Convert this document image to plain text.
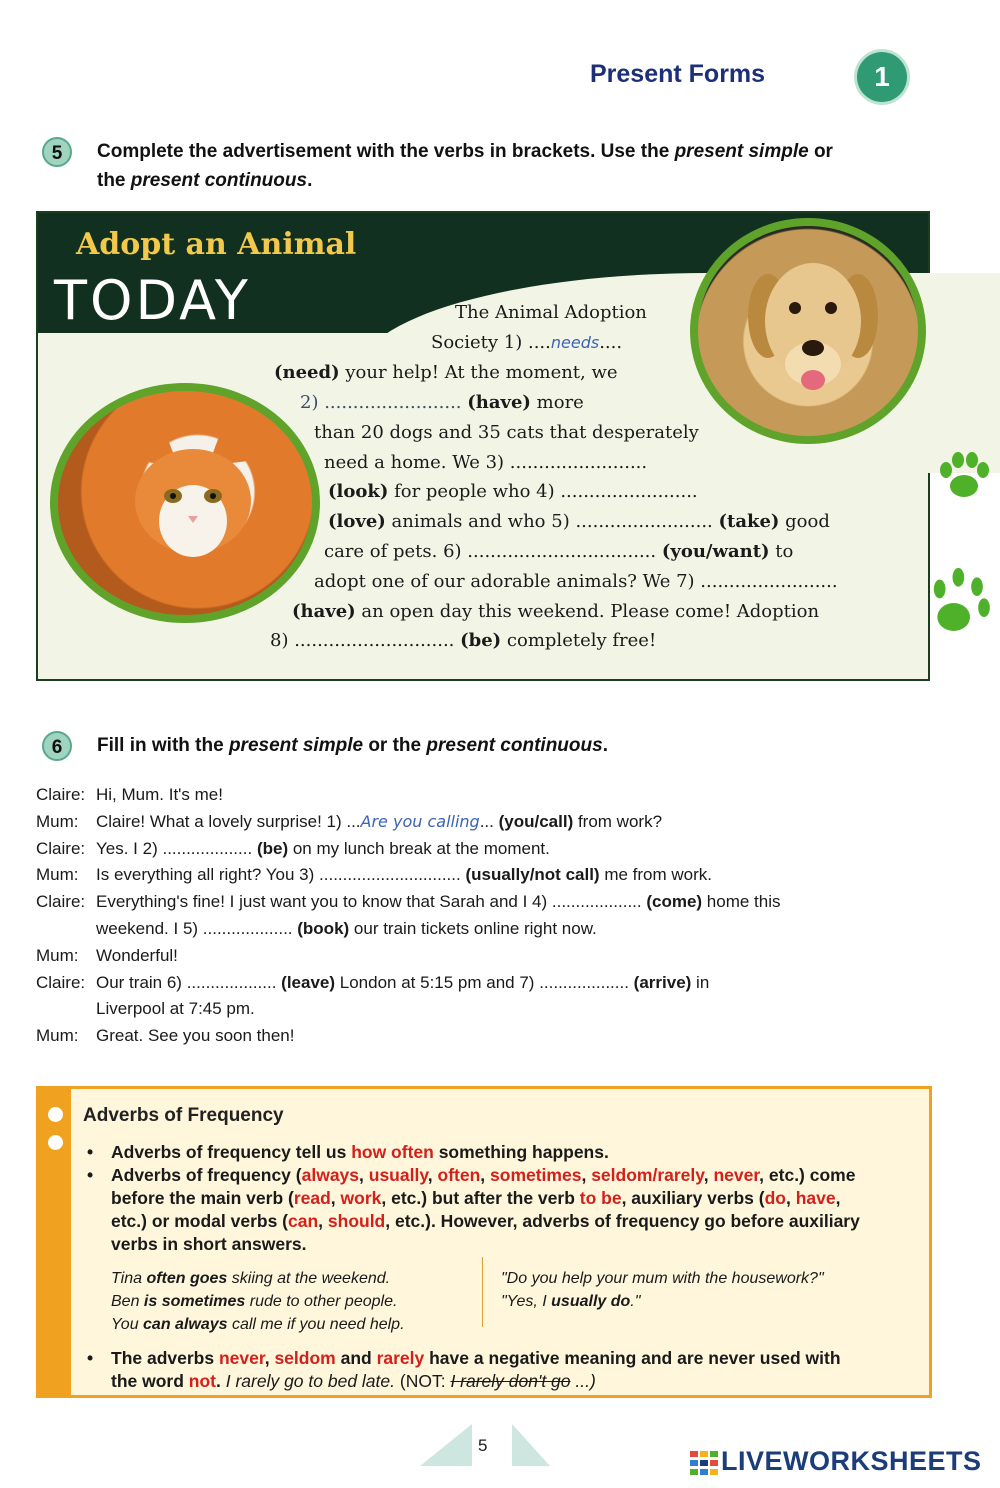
Present Forms	1
5	Complete the advertisement with the verbs in brackets. Use the present simple or
the present continuous.
Adopt an Animal
TODAY	The Animal Adoption
Society 1) ....needs....
(need) your help! At the moment, we
2) ........................ (have) more
than 20 dogs and 35 cats that desperately
need a home. We 3) ........................
(look) for people who 4) ........................
(love) animals and who 5) ........................ (take) good
care of pets. 6) ................................. (you/want) to
adopt one of our adorable animals? We 7) ........................
(have) an open day this weekend. Please come! Adoption
8) ............................ (be) completely free!
6	Fill in with the present simple or the present continuous.
Claire: Hi, Mum. It's me!
Mum:	Claire! What a lovely surprise! 1) ...Are you calling... (you/call) from work?
Claire: Yes. I 2) ................... (be) on my lunch break at the moment.
Mum:	Is everything all right? You 3) .............................. (usually/not call) me from work.
Claire: Everything's fine! I just want you to know that Sarah and I 4) ................... (come) home this
weekend. I 5) ................... (book) our train tickets online right now.
Mum:	Wonderful!
Claire: Our train 6) ................... (leave) London at 5:15 pm and 7) ................... (arrive) in
Liverpool at 7:45 pm.
Mum:	Great. See you soon then!
Adverbs of Frequency
• Adverbs of frequency tell us how often something happens.
• Adverbs of frequency (always, usually, often, sometimes, seldom/rarely, never, etc.) come
before the main verb (read, work, etc.) but after the verb to be, auxiliary verbs (do, have,
etc.) or modal verbs (can, should, etc.). However, adverbs of frequency go before auxiliary
verbs in short answers.
Tina often goes skiing at the weekend.
Ben is sometimes rude to other people.
You can always call me if you need help.
"Do you help your mum with the housework?"
"Yes, I usually do."
• The adverbs never, seldom and rarely have a negative meaning and are never used with
the word not. I rarely go to bed late. (NOT: I rarely don't go ...)
5
LIVEWORKSHEETS
